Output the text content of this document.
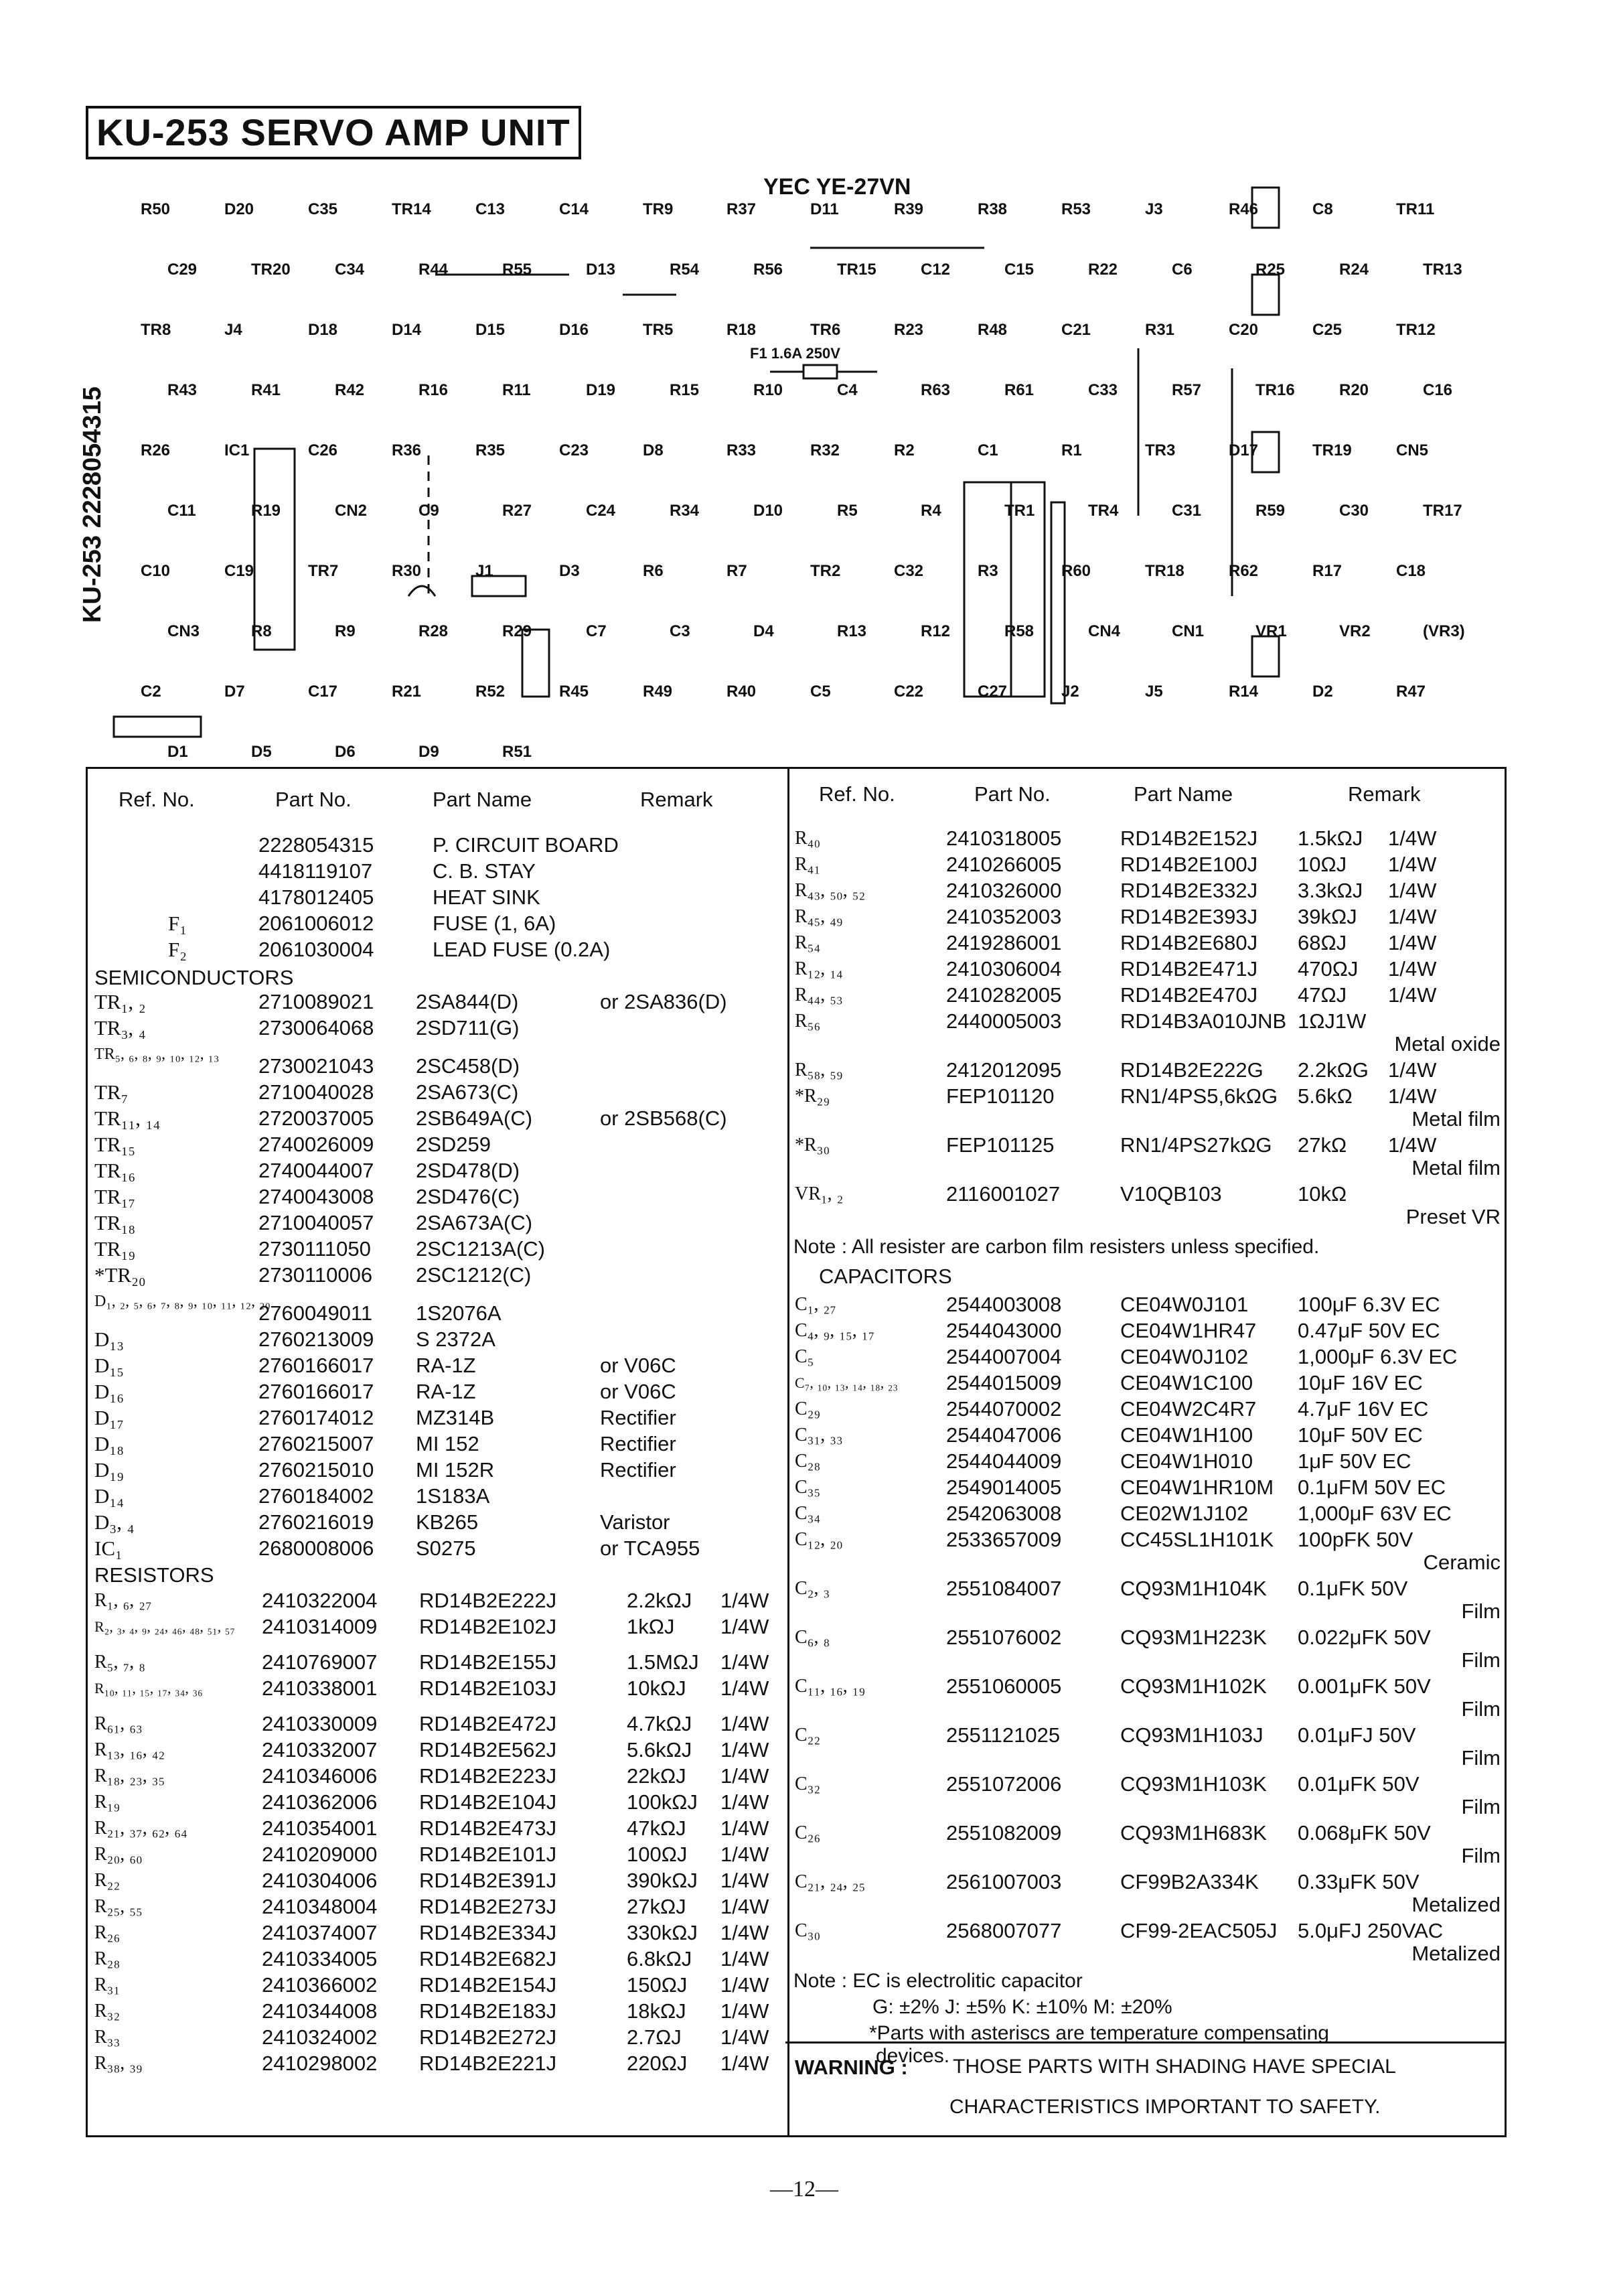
KU-253 SERVO AMP UNIT
R50	D20	C35	TR14	C13	C14	TR9	R37	D11	R39	R38	R53	J3	R46	C8	TR11
C29	TR20	C34	R44	R55	D13	R54	R56	TR15	C12	C15	R22	C6	R25	R24	TR13
TR8	J4	D18	D14	D15	D16	TR5	R18	TR6	R23	R48	C21	R31	C20	C25	TR12
R43	R41	R42	R16	R11	D19	R15	R10	C4	R63	R61	C33	R57	TR16	R20	C16
R26	IC1	C26	R36	R35	C23	D8	R33	R32	R2	C1	R1	TR3	D17	TR19	CN5
C11	R19	CN2	C9	R27	C24	R34	D10	R5	R4	TR1	TR4	C31	R59	C30	TR17
C10	C19	TR7	R30	J1	D3	R6	R7	TR2	C32	R3	R60	TR18	R62	R17	C18
CN3	R8	R9	R28	R29	C7	C3	D4	R13	R12	R58	CN4	CN1	VR1	VR2	(VR3)
C2	D7	C17	R21	R52	R45	R49	R40	C5	C22	C27	J2	J5	R14	D2	R47
D1	D5	D6	D9	R51
KU-253 2228054315
YEC YE-27VN
F1 1.6A 250V
Ref. No.	Part No.	Part Name	Remark
2228054315	P. CIRCUIT BOARD
4418119107	C. B. STAY
4178012405	HEAT SINK
F₁	2061006012	FUSE (1, 6A)
F₂	2061030004	LEAD FUSE (0.2A)
SEMICONDUCTORS
TR₁, ₂	2710089021 2SA844(D)	or 2SA836(D)
TR₃, ₄	2730064068 2SD711(G)
TR₅, ₆, ₈, ₉, ₁₀, ₁₂, ₁₃ 2730021043 2SC458(D)
TR₇	2710040028 2SA673(C)
TR₁₁, ₁₄	2720037005 2SB649A(C)	or 2SB568(C)
TR₁₅	2740026009 2SD259
TR₁₆	2740044007 2SD478(D)
TR₁₇	2740043008 2SD476(C)
TR₁₈	2710040057 2SA673A(C)
TR₁₉	2730111050 2SC1213A(C)
*TR₂₀	2730110006 2SC1212(C)
D₁, ₂, ₅, ₆, ₇, ₈, ₉, ₁₀, ₁₁, ₁₂, ₂₀
2760049011 1S2076A
D₁₃	2760213009 S 2372A
D₁₅	2760166017 RA-1Z	or V06C
D₁₆	2760166017 RA-1Z	or V06C
D₁₇	2760174012 MZ314B	Rectifier
D₁₈	2760215007 MI 152	Rectifier
D₁₉	2760215010 MI 152R	Rectifier
D₁₄	2760184002 1S183A
D₃, ₄	2760216019 KB265	Varistor
IC₁	2680008006 S0275	or TCA955
RESISTORS
R₁, ₆, ₂₇	2410322004 RD14B2E222J	2.2kΩJ 1/4W
R₂, ₃, ₄, ₉, ₂₄, ₄₆, ₄₈, ₅₁, ₅₇ 2410314009 RD14B2E102J	1kΩJ 1/4W
R₅, ₇, ₈	2410769007 RD14B2E155J	1.5MΩJ 1/4W
R₁₀, ₁₁, ₁₅, ₁₇, ₃₄, ₃₆	2410338001 RD14B2E103J	10kΩJ 1/4W
R₆₁, ₆₃	2410330009 RD14B2E472J	4.7kΩJ 1/4W
R₁₃, ₁₆, ₄₂	2410332007 RD14B2E562J	5.6kΩJ 1/4W
R₁₈, ₂₃, ₃₅	2410346006 RD14B2E223J	22kΩJ 1/4W
R₁₉	2410362006 RD14B2E104J	100kΩJ 1/4W
R₂₁, ₃₇, ₆₂, ₆₄	2410354001 RD14B2E473J	47kΩJ 1/4W
R₂₀, ₆₀	2410209000 RD14B2E101J	100ΩJ 1/4W
R₂₂	2410304006 RD14B2E391J	390kΩJ 1/4W
R₂₅, ₅₅	2410348004 RD14B2E273J	27kΩJ 1/4W
R₂₆	2410374007 RD14B2E334J	330kΩJ 1/4W
R₂₈	2410334005 RD14B2E682J	6.8kΩJ 1/4W
R₃₁	2410366002 RD14B2E154J	150ΩJ 1/4W
R₃₂	2410344008 RD14B2E183J	18kΩJ 1/4W
R₃₃	2410324002 RD14B2E272J	2.7ΩJ 1/4W
R₃₈, ₃₉	2410298002 RD14B2E221J	220ΩJ 1/4W
Ref. No.	Part No.	Part Name	Remark
R₄₀	2410318005	RD14B2E152J 1.5kΩJ 1/4W
R₄₁	2410266005	RD14B2E100J 10ΩJ 1/4W
R₄₃, ₅₀, ₅₂	2410326000	RD14B2E332J 3.3kΩJ 1/4W
R₄₅, ₄₉	2410352003	RD14B2E393J 39kΩJ 1/4W
R₅₄	2419286001	RD14B2E680J 68ΩJ 1/4W
R₁₂, ₁₄	2410306004	RD14B2E471J 470ΩJ 1/4W
R₄₄, ₅₃	2410282005	RD14B2E470J 47ΩJ 1/4W
R₅₆	2440005003	RD14B3A010JNB 1ΩJ1W
Metal oxide
R₅₈, ₅₉	2412012095	RD14B2E222G 2.2kΩG 1/4W
*R₂₉	FEP101120	RN1/4PS5,6kΩG 5.6kΩ 1/4W
Metal film
*R₃₀	FEP101125	RN1/4PS27kΩG 27kΩ 1/4W
Metal film
VR₁, ₂	2116001027	V10QB103	10kΩ
Preset VR
Note : All resister are carbon film resisters unless specified.
CAPACITORS
C₁, ₂₇	2544003008	CE04W0J101 100μF 6.3V EC
C₄, ₉, ₁₅, ₁₇	2544043000	CE04W1HR47 0.47μF 50V EC
C₅	2544007004	CE04W0J102 1,000μF 6.3V EC
C₇, ₁₀, ₁₃, ₁₄, ₁₈, ₂₃ 2544015009	CE04W1C100 10μF 16V EC
C₂₉	2544070002	CE04W2C4R7 4.7μF 16V EC
C₃₁, ₃₃	2544047006	CE04W1H100 10μF 50V EC
C₂₈	2544044009	CE04W1H010 1μF 50V EC
C₃₅	2549014005	CE04W1HR10M 0.1μFM 50V EC
C₃₄	2542063008	CE02W1J102 1,000μF 63V EC
C₁₂, ₂₀	2533657009	CC45SL1H101K 100pFK 50V
Ceramic
C₂, ₃	2551084007	CQ93M1H104K 0.1μFK 50V
Film
C₆, ₈	2551076002	CQ93M1H223K 0.022μFK 50V
Film
C₁₁, ₁₆, ₁₉	2551060005	CQ93M1H102K 0.001μFK 50V
Film
C₂₂	2551121025	CQ93M1H103J 0.01μFJ 50V
Film
C₃₂	2551072006	CQ93M1H103K 0.01μFK 50V
Film
C₂₆	2551082009	CQ93M1H683K 0.068μFK 50V
Film
C₂₁, ₂₄, ₂₅	2561007003	CF99B2A334K 0.33μFK 50V
Metalized
C₃₀	2568007077	CF99-2EAC505J 5.0μFJ 250VAC
Metalized
Note : EC is electrolitic capacitor
G: ±2% J: ±5% K: ±10% M: ±20%
*Parts with asteriscs are temperature compensating
devices.
WARNING : THOSE PARTS WITH SHADING HAVE SPECIAL
CHARACTERISTICS IMPORTANT TO SAFETY.
—12—
